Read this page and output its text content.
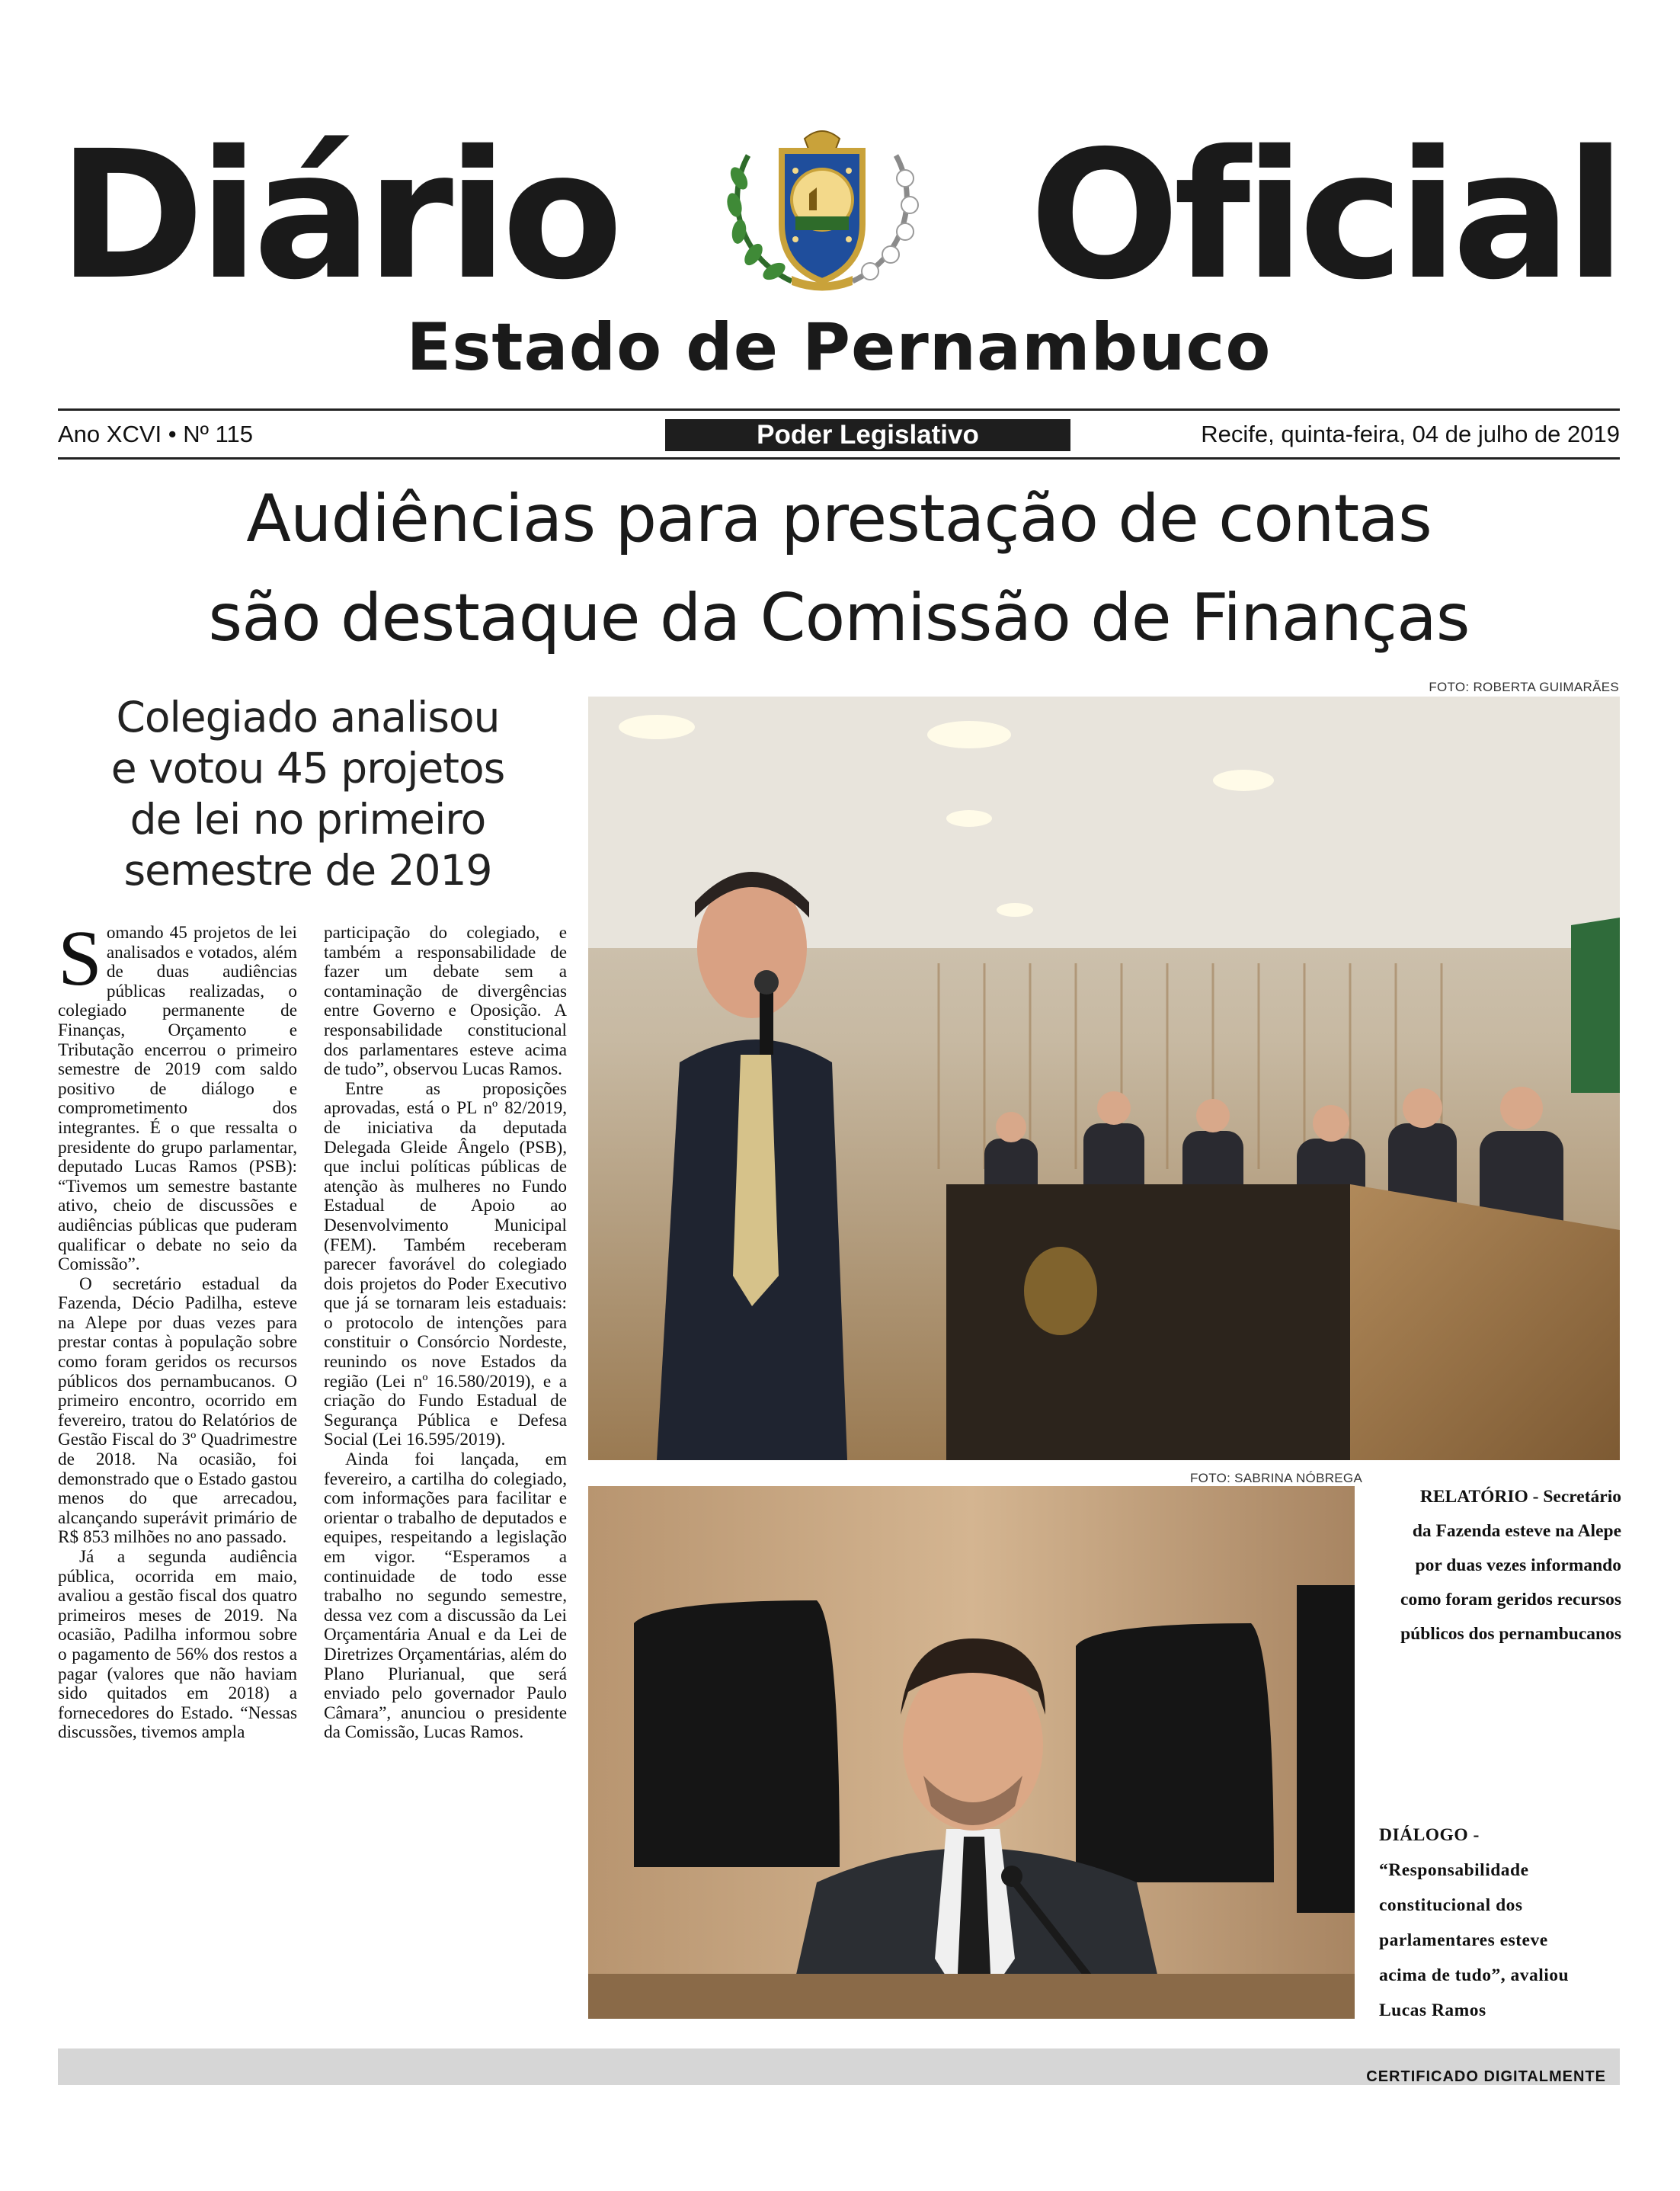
Diário Oficial
Estado de Pernambuco
Ano XCVI • Nº 115	Poder Legislativo	Recife, quinta-feira, 04 de julho de 2019
Audiências para prestação de contas
são destaque da Comissão de Finanças
Colegiado analisou
e votou 45 projetos
de lei no primeiro
semestre de 2019

Somando 45 projetos de lei analisados e votados, além de duas audiências públicas realizadas, o colegiado permanente de Finanças, Orçamento e Tributação encerrou o primeiro semestre de 2019 com saldo positivo de diálogo e comprometimento dos integrantes. É o que ressalta o presidente do grupo parlamentar, deputado Lucas Ramos (PSB): “Tivemos um semestre bastante ativo, cheio de discussões e audiências públicas que puderam qualificar o debate no seio da Comissão”.

O secretário estadual da Fazenda, Décio Padilha, esteve na Alepe por duas vezes para prestar contas à população sobre como foram geridos os recursos públicos dos pernambucanos. O primeiro encontro, ocorrido em fevereiro, tratou do Relatórios de Gestão Fiscal do 3º Quadrimestre de 2018. Na ocasião, foi demonstrado que o Estado gastou menos do que arrecadou, alcançando superávit primário de R$ 853 milhões no ano passado.

Já a segunda audiência pública, ocorrida em maio, avaliou a gestão fiscal dos quatro primeiros meses de 2019. Na ocasião, Padilha informou sobre o pagamento de 56% dos restos a pagar (valores que não haviam sido quitados em 2018) a fornecedores do Estado. “Nessas discussões, tivemos ampla

participação do colegiado, e também a responsabilidade de fazer um debate sem a contaminação de divergências entre Governo e Oposição. A responsabilidade constitucional dos parlamentares esteve acima de tudo”, observou Lucas Ramos.

Entre as proposições aprovadas, está o PL nº 82/2019, de iniciativa da deputada Delegada Gleide Ângelo (PSB), que inclui políticas públicas de atenção às mulheres no Fundo Estadual de Apoio ao Desenvolvimento Municipal (FEM). Também receberam parecer favorável do colegiado dois projetos do Poder Executivo que já se tornaram leis estaduais: o protocolo de intenções para constituir o Consórcio Nordeste, reunindo os nove Estados da região (Lei nº 16.580/2019), e a criação do Fundo Estadual de Segurança Pública e Defesa Social (Lei 16.595/2019).

Ainda foi lançada, em fevereiro, a cartilha do colegiado, com informações para facilitar e orientar o trabalho de deputados e equipes, respeitando a legislação em vigor. “Esperamos a continuidade de todo esse trabalho no segundo semestre, dessa vez com a discussão da Lei Orçamentária Anual e da Lei de Diretrizes Orçamentárias, além do Plano Plurianual, que será enviado pelo governador Paulo Câmara”, anunciou o presidente da Comissão, Lucas Ramos.

FOTO: ROBERTA GUIMARÃES
FOTO: SABRINA NÓBREGA
RELATÓRIO - Secretário
da Fazenda esteve na Alepe
por duas vezes informando
como foram geridos recursos
públicos dos pernambucanos
DIÁLOGO -
“Responsabilidade
constitucional dos
parlamentares esteve
acima de tudo”, avaliou
Lucas Ramos
CERTIFICADO DIGITALMENTE
